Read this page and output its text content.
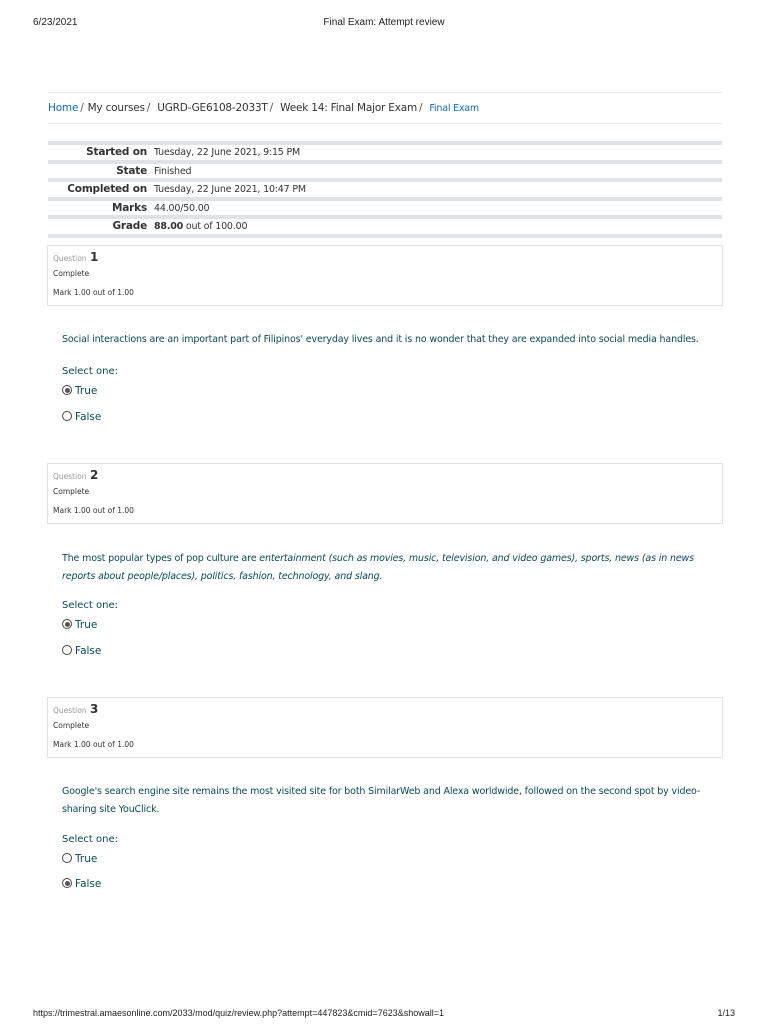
6/23/2021	Final Exam: Attempt review
Home / My courses / UGRD-GE6108-2033T / Week 14: Final Major Exam / Final Exam
Started on Tuesday, 22 June 2021, 9:15 PM
State Finished
Completed on Tuesday, 22 June 2021, 10:47 PM
Marks 44.00/50.00
Grade 88.00 out of 100.00
Question 1
Complete
Mark 1.00 out of 1.00
Social interactions are an important part of Filipinos' everyday lives and it is no wonder that they are expanded into social media handles.
Select one:
True
False
Question 2
Complete
Mark 1.00 out of 1.00
The most popular types of pop culture are entertainment (such as movies, music, television, and video games), sports, news (as in news reports about people/places), politics, fashion, technology, and slang.
Select one:
True
False
Question 3
Complete
Mark 1.00 out of 1.00
Google's search engine site remains the most visited site for both SimilarWeb and Alexa worldwide, followed on the second spot by video-sharing site YouClick.
Select one:
True
False
https://trimestral.amaesonline.com/2033/mod/quiz/review.php?attempt=447823&cmid=7623&showall=1	1/13
